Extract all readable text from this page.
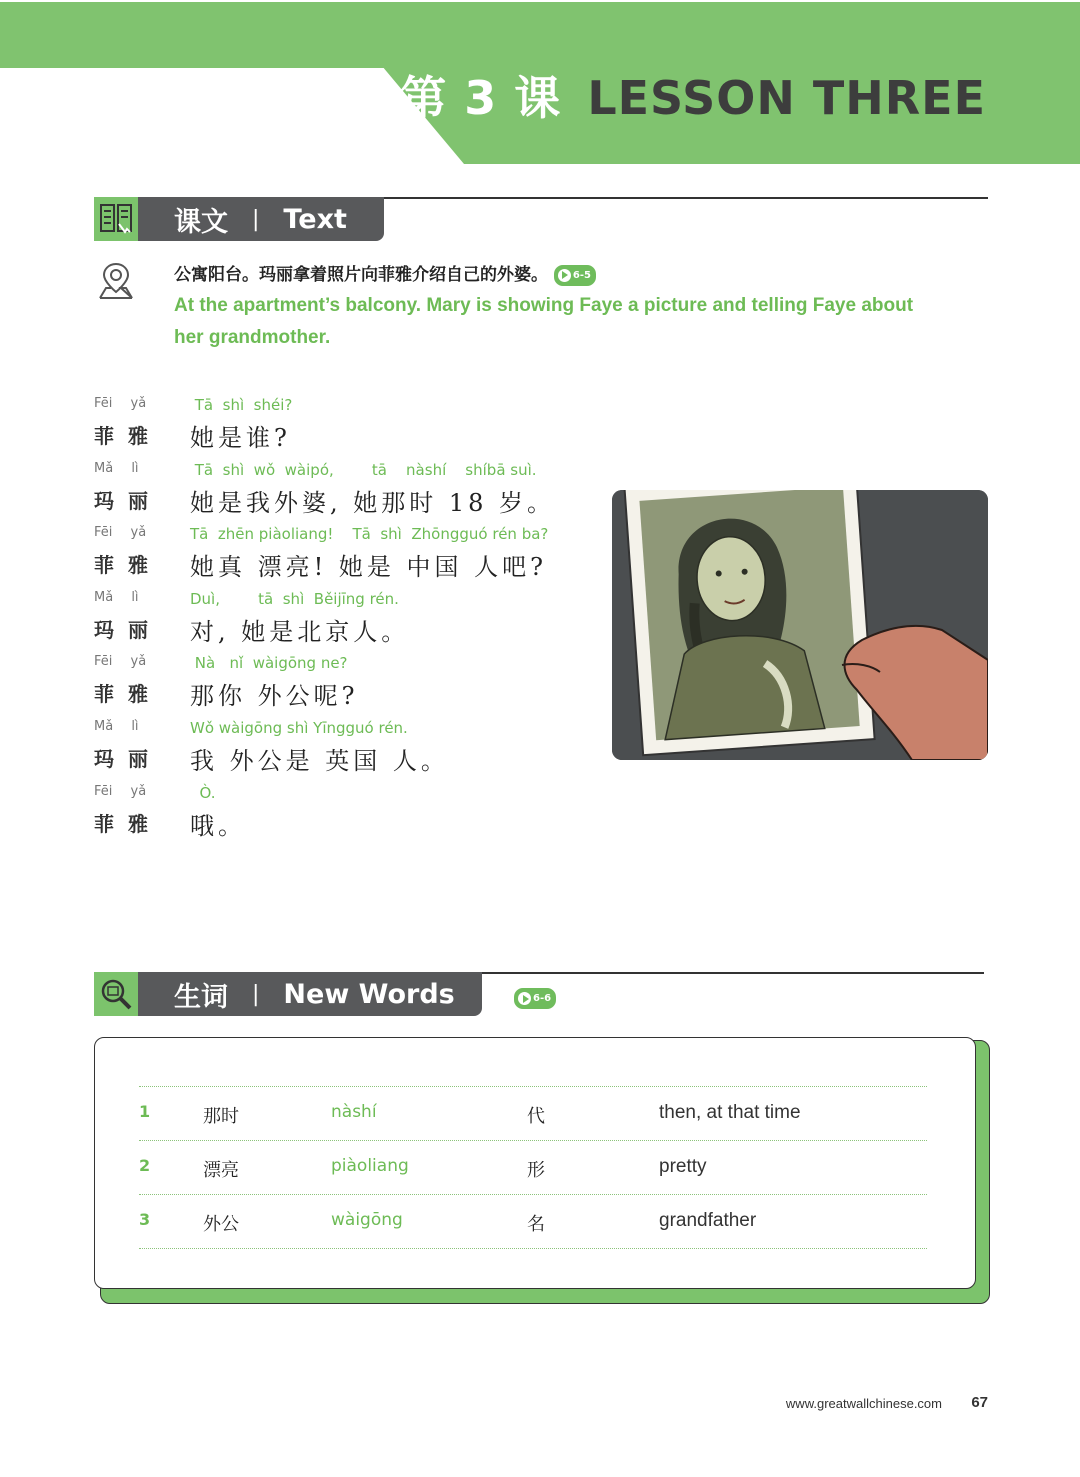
第 3 课 LESSON THREE
课文 | Text
公寓阳台。玛丽拿着照片向菲雅介绍自己的外婆。 6-5
At the apartment’s balcony. Mary is showing Faye a picture and telling Faye about her grandmother.
Fēi yǎ
菲雅
Tā  shì  shéi?
她是谁?
Mǎ lì
玛丽
Tā  shì  wǒ  wàipó,        tā    nàshí    shíbā suì.
她是我外婆, 她那时 18 岁。
Fēi yǎ
菲雅
Tā  zhēn piàoliang!    Tā  shì  Zhōngguó rén ba?
她真 漂亮! 她是 中国 人吧?
Mǎ lì
玛丽
Duì,        tā  shì  Běijīng rén.
对, 她是北京人。
Fēi yǎ
菲雅
Nà   nǐ  wàigōng ne?
那你 外公呢?
Mǎ lì
玛丽
Wǒ wàigōng shì Yīngguó rén.
我 外公是 英国 人。
Fēi yǎ
菲雅
Ò.
哦。
生词 | New Words	6-6
1	那时	nàshí	代	then, at that time
2	漂亮	piàoliang	形	pretty
3	外公	wàigōng	名	grandfather
www.greatwallchinese.com 67
